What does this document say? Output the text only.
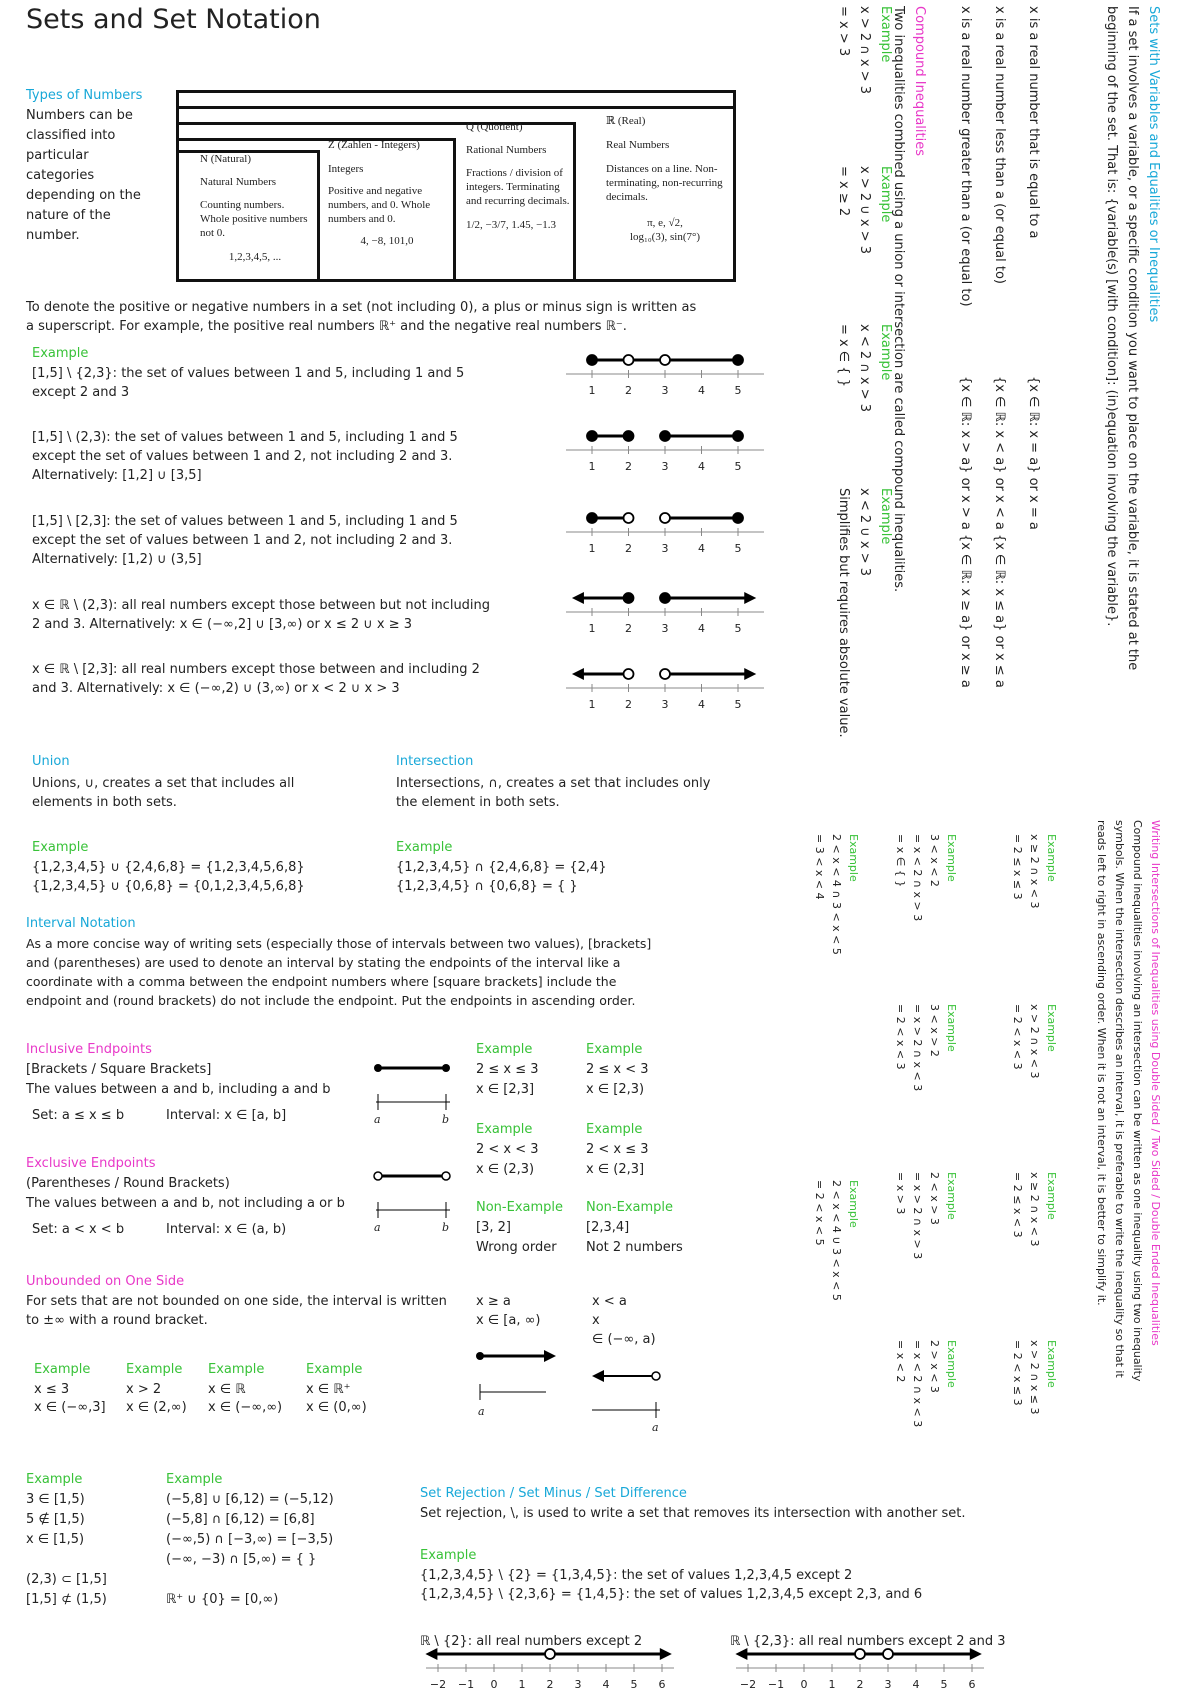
Sets and Set Notation
Types of Numbers
Numbers can be
classified into
particular
categories
depending on the
nature of the
number.
N (Natural)
Natural Numbers
Counting numbers. Whole positive numbers not 0.
1,2,3,4,5, ...
Z (Zahlen - Integers)
Integers
Positive and negative numbers, and 0. Whole numbers and 0.
4, −8, 101,0
Q (Quotient)
Rational Numbers
Fractions / division of integers. Terminating and recurring decimals.
1/2, −3/7, 1.45, −1.3
ℝ (Real)
Real Numbers
Distances on a line. Non-terminating, non-recurring decimals.
π, e, √2,
log₁₀(3), sin(7°)
To denote the positive or negative numbers in a set (not including 0), a plus or minus sign is written as
a superscript. For example, the positive real numbers ℝ⁺ and the negative real numbers ℝ⁻.
Example
[1,5] \ {2,3}: the set of values between 1 and 5, including 1 and 5
except 2 and 3
[1,5] \ (2,3): the set of values between 1 and 5, including 1 and 5
except the set of values between 1 and 2, not including 2 and 3.
Alternatively: [1,2] ∪ [3,5]
[1,5] \ [2,3]: the set of values between 1 and 5, including 1 and 5
except the set of values between 1 and 2, not including 2 and 3.
Alternatively: [1,2) ∪ (3,5]
x ∈ ℝ \ (2,3): all real numbers except those between but not including
2 and 3. Alternatively: x ∈ (−∞,2] ∪ [3,∞) or x ≤ 2 ∪ x ≥ 3
x ∈ ℝ \ [2,3]: all real numbers except those between and including 2
and 3. Alternatively: x ∈ (−∞,2) ∪ (3,∞) or x < 2 ∪ x > 3
1	2	3	4	5
1	2	3	4	5
1	2	3	4	5
1	2	3	4	5
1	2	3	4	5
Union
Unions, ∪, creates a set that includes all
elements in both sets.
Intersection
Intersections, ∩, creates a set that includes only
the element in both sets.
Example
{1,2,3,4,5} ∪ {2,4,6,8} = {1,2,3,4,5,6,8}
{1,2,3,4,5} ∪ {0,6,8} = {0,1,2,3,4,5,6,8}
Example
{1,2,3,4,5} ∩ {2,4,6,8} = {2,4}
{1,2,3,4,5} ∩ {0,6,8} = { }
Interval Notation
As a more concise way of writing sets (especially those of intervals between two values), [brackets]
and (parentheses) are used to denote an interval by stating the endpoints of the interval like a
coordinate with a comma between the endpoint numbers where [square brackets] include the
endpoint and (round brackets) do not include the endpoint. Put the endpoints in ascending order.
Inclusive Endpoints
[Brackets / Square Brackets]
The values between a and b, including a and b
Set: a ≤ x ≤ b	Interval: x ∈ [a, b]
Exclusive Endpoints
(Parentheses / Round Brackets)
The values between a and b, not including a or b
Set: a < x < b	Interval: x ∈ (a, b)
a	b
a	b
Example
2 ≤ x ≤ 3
x ∈ [2,3]
Example
2 ≤ x < 3
x ∈ [2,3)
Example
2 < x < 3
x ∈ (2,3)
Example
2 < x ≤ 3
x ∈ (2,3]
Non-Example
[3, 2]
Wrong order
Non-Example
[2,3,4]
Not 2 numbers
Unbounded on One Side
For sets that are not bounded on one side, the interval is written
to ±∞ with a round bracket.
x ≥ a
x ∈ [a, ∞)
x < a
x
∈ (−∞, a)
a
a
Example
x ≤ 3
x ∈ (−∞,3]
Example
x > 2
x ∈ (2,∞)
Example
x ∈ ℝ
x ∈ (−∞,∞)
Example
x ∈ ℝ⁺
x ∈ (0,∞)
Example
3 ∈ [1,5)
5 ∉ [1,5)
x ∈ [1,5)
(2,3) ⊂ [1,5]
[1,5] ⊄ (1,5)
Example
(−5,8] ∪ [6,12) = (−5,12)
(−5,8] ∩ [6,12) = [6,8]
(−∞,5) ∩ [−3,∞) = [−3,5)
(−∞, −3) ∩ [5,∞) = { }
ℝ⁺ ∪ {0} = [0,∞)
Set Rejection / Set Minus / Set Difference
Set rejection, \, is used to write a set that removes its intersection with another set.
Example
{1,2,3,4,5} \ {2} = {1,3,4,5}: the set of values 1,2,3,4,5 except 2
{1,2,3,4,5} \ {2,3,6} = {1,4,5}: the set of values 1,2,3,4,5 except 2,3, and 6
ℝ \ {2}: all real numbers except 2	ℝ \ {2,3}: all real numbers except 2 and 3
−2 −1 0 1 2 3 4 5 6	−2 −1 0 1 2 3 4 5 6
Sets with Variables and Equalities or Inequalities
If a set involves a variable, or a specific condition you want to place on the variable, it is stated at the
beginning of the set. That is: {variable(s) [with condition]: (in)equation involving the variable}.
x is a real number that is equal to a
{x ∈ ℝ: x = a} or x = a
x is a real number less than a (or equal to)
{x ∈ ℝ: x < a} or x < a {x ∈ ℝ: x ≤ a} or x ≤ a
x is a real number greater than a (or equal to)
{x ∈ ℝ: x > a} or x > a {x ∈ ℝ: x ≥ a} or x ≥ a
Compound Inequalities
Two inequalities combined using a union or intersection are called compound inequalities.
Example
x > 2 ∩ x > 3
= x > 3
Example
x > 2 ∪ x > 3
= x ≥ 2
Example
x < 2 ∩ x > 3
= x ∈ { }
Example
x < 2 ∪ x > 3
Simplifies but requires absolute value.
Writing Intersections of Inequalities using Double Sided / Two Sided / Double Ended Inequalities
Compound inequalities involving an intersection can be written as one inequality using two inequality
symbols. When the intersection describes an interval, it is preferable to write the inequality so that it
reads left to right in ascending order. When it is not an interval, it is better to simplify it.
Example
x ≥ 2 ∩ x < 3
= 2 ≤ x ≤ 3
Example
x > 2 ∩ x < 3
= 2 < x < 3
Example
x ≥ 2 ∩ x < 3
= 2 ≤ x < 3
Example
x > 2 ∩ x ≤ 3
= 2 < x ≤ 3
Example
3 < x < 2
= x < 2 ∩ x > 3
= x ∈ { }
Example
3 < x > 2
= x > 2 ∩ x < 3
= 2 < x < 3
Example
2 < x > 3
= x > 2 ∩ x > 3
= x > 3
Example
2 > x < 3
= x < 2 ∩ x < 3
= x < 2
Example
2 < x < 4 ∩ 3 < x < 5
= 3 < x < 4
Example
2 < x < 4 ∪ 3 < x < 5
= 2 < x < 5
